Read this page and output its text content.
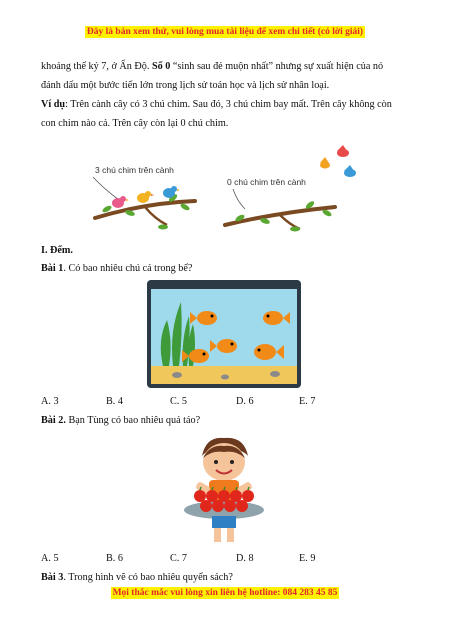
Đây là bản xem thử, vui lòng mua tài liệu để xem chi tiết (có lời giải)
khoảng thế kỷ 7, ở Ấn Độ. Số 0 “sinh sau đẻ muộn nhất” nhưng sự xuất hiện của nó
đánh dấu một bước tiến lớn trong lịch sử toán học và lịch sử nhân loại.
Ví dụ: Trên cành cây có 3 chú chim. Sau đó, 3 chú chim bay mất. Trên cây không còn
con chim nào cả. Trên cây còn lại 0 chú chim.
3 chú chim trên cành
0 chú chim trên cành
I. Đếm.
Bài 1. Có bao nhiêu chú cá trong bể?
A. 3	B. 4	C. 5	D. 6	E. 7
Bài 2. Bạn Tùng có bao nhiêu quả táo?
A. 5	B. 6	C. 7	D. 8	E. 9
Bài 3. Trong hình vẽ có bao nhiêu quyển sách?
Mọi thắc mắc vui lòng xin liên hệ hotline: 084 283 45 85
